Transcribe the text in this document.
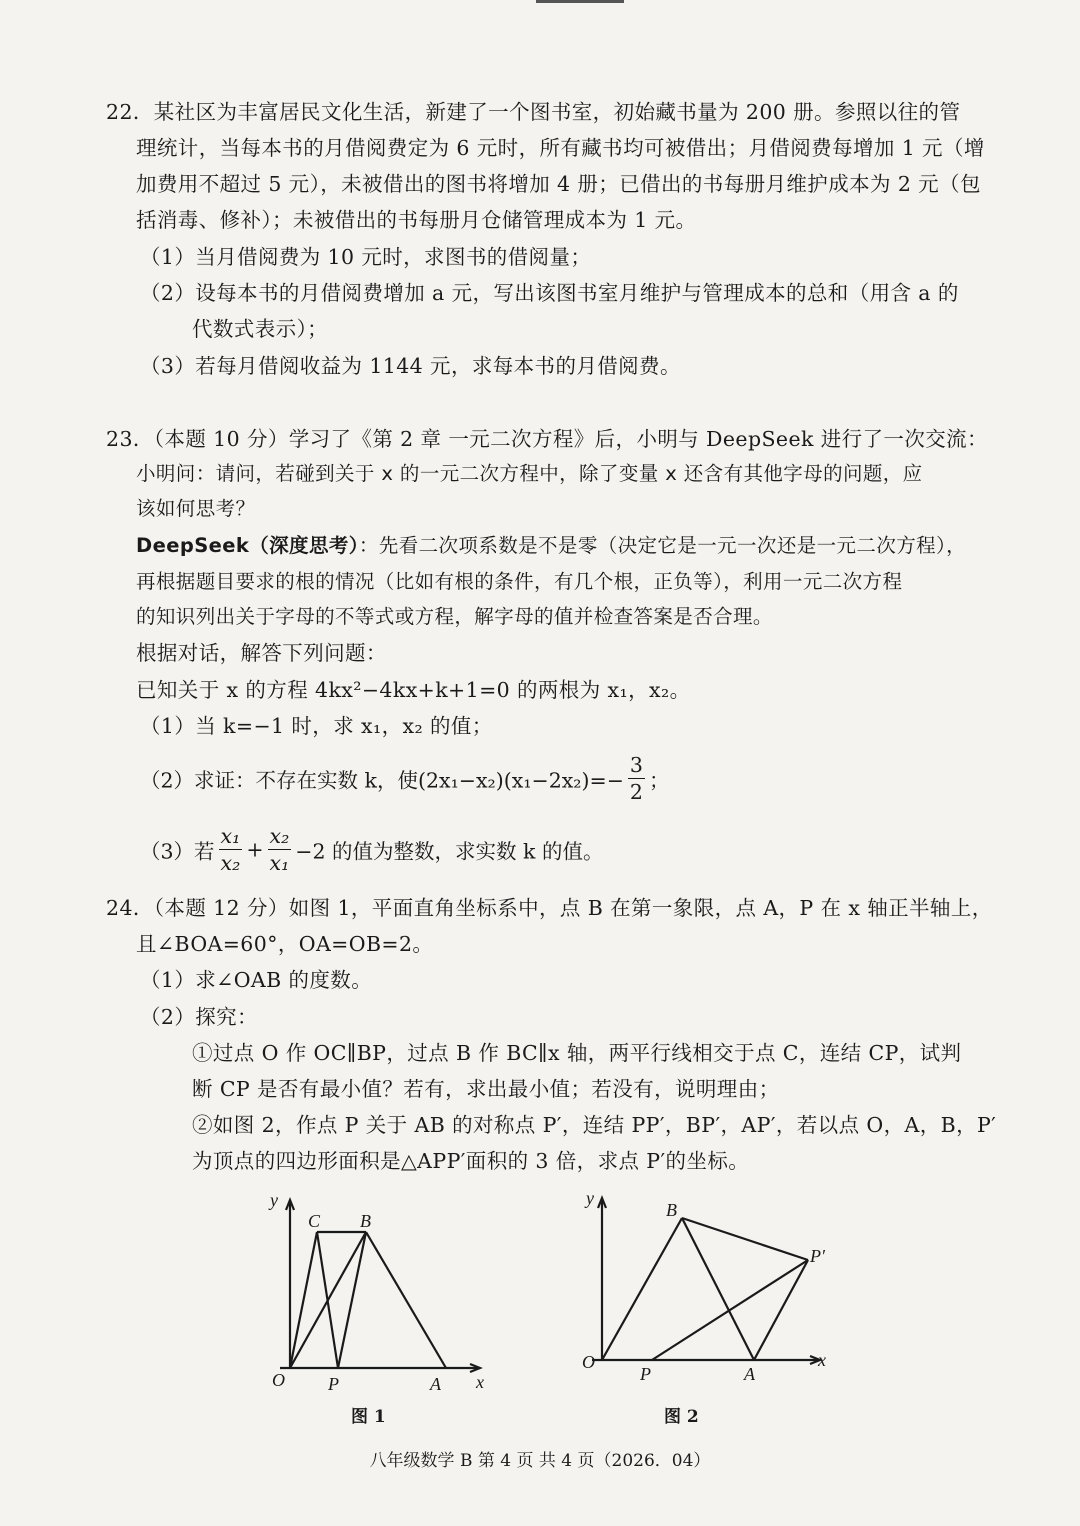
22．某社区为丰富居民文化生活，新建了一个图书室，初始藏书量为 200 册。参照以往的管
理统计，当每本书的月借阅费定为 6 元时，所有藏书均可被借出；月借阅费每增加 1 元（增
加费用不超过 5 元），未被借出的图书将增加 4 册；已借出的书每册月维护成本为 2 元（包
括消毒、修补）；未被借出的书每册月仓储管理成本为 1 元。
（1）当月借阅费为 10 元时，求图书的借阅量；
（2）设每本书的月借阅费增加 a 元，写出该图书室月维护与管理成本的总和（用含 a 的
代数式表示）；
（3）若每月借阅收益为 1144 元，求每本书的月借阅费。
23．（本题 10 分）学习了《第 2 章 一元二次方程》后，小明与 DeepSeek 进行了一次交流：
小明问：请问，若碰到关于 x 的一元二次方程中，除了变量 x 还含有其他字母的问题，应
该如何思考？
DeepSeek（深度思考）：先看二次项系数是不是零（决定它是一元一次还是一元二次方程），
再根据题目要求的根的情况（比如有根的条件，有几个根，正负等），利用一元二次方程
的知识列出关于字母的不等式或方程，解字母的值并检查答案是否合理。
根据对话，解答下列问题：
已知关于 x 的方程 4kx²−4kx+k+1=0 的两根为 x₁，x₂。
（1）当 k=−1 时，求 x₁，x₂ 的值；
（2）求证：不存在实数 k，使$(2x_1-x_2)(x_1-2x_2)=- \frac{3}{2}$ ；
（3）若 $\frac{\text{x₁}}{\text{x₂}} + \frac{\text{x₂}}{\text{x₁}} -2$ 的值为整数，求实数 k 的值。
24．（本题 12 分）如图 1，平面直角坐标系中，点 B 在第一象限，点 A，P 在 x 轴正半轴上，
且∠BOA=60°，OA=OB=2。
（1）求∠OAB 的度数。
（2）探究：
①过点 O 作 OC∥BP，过点 B 作 BC∥x 轴，两平行线相交于点 C，连结 CP，试判
断 CP 是否有最小值？若有，求出最小值；若没有，说明理由；
②如图 2，作点 P 关于 AB 的对称点 P′，连结 PP′，BP′，AP′，若以点 O，A，B，P′
为顶点的四边形面积是△APP′面积的 3 倍，求点 P′的坐标。
y
x
O
C B
P	A
图 1
y
x
O
B
P	A
P′
图 2
八年级数学 B 第 4 页 共 4 页（2026．04）
